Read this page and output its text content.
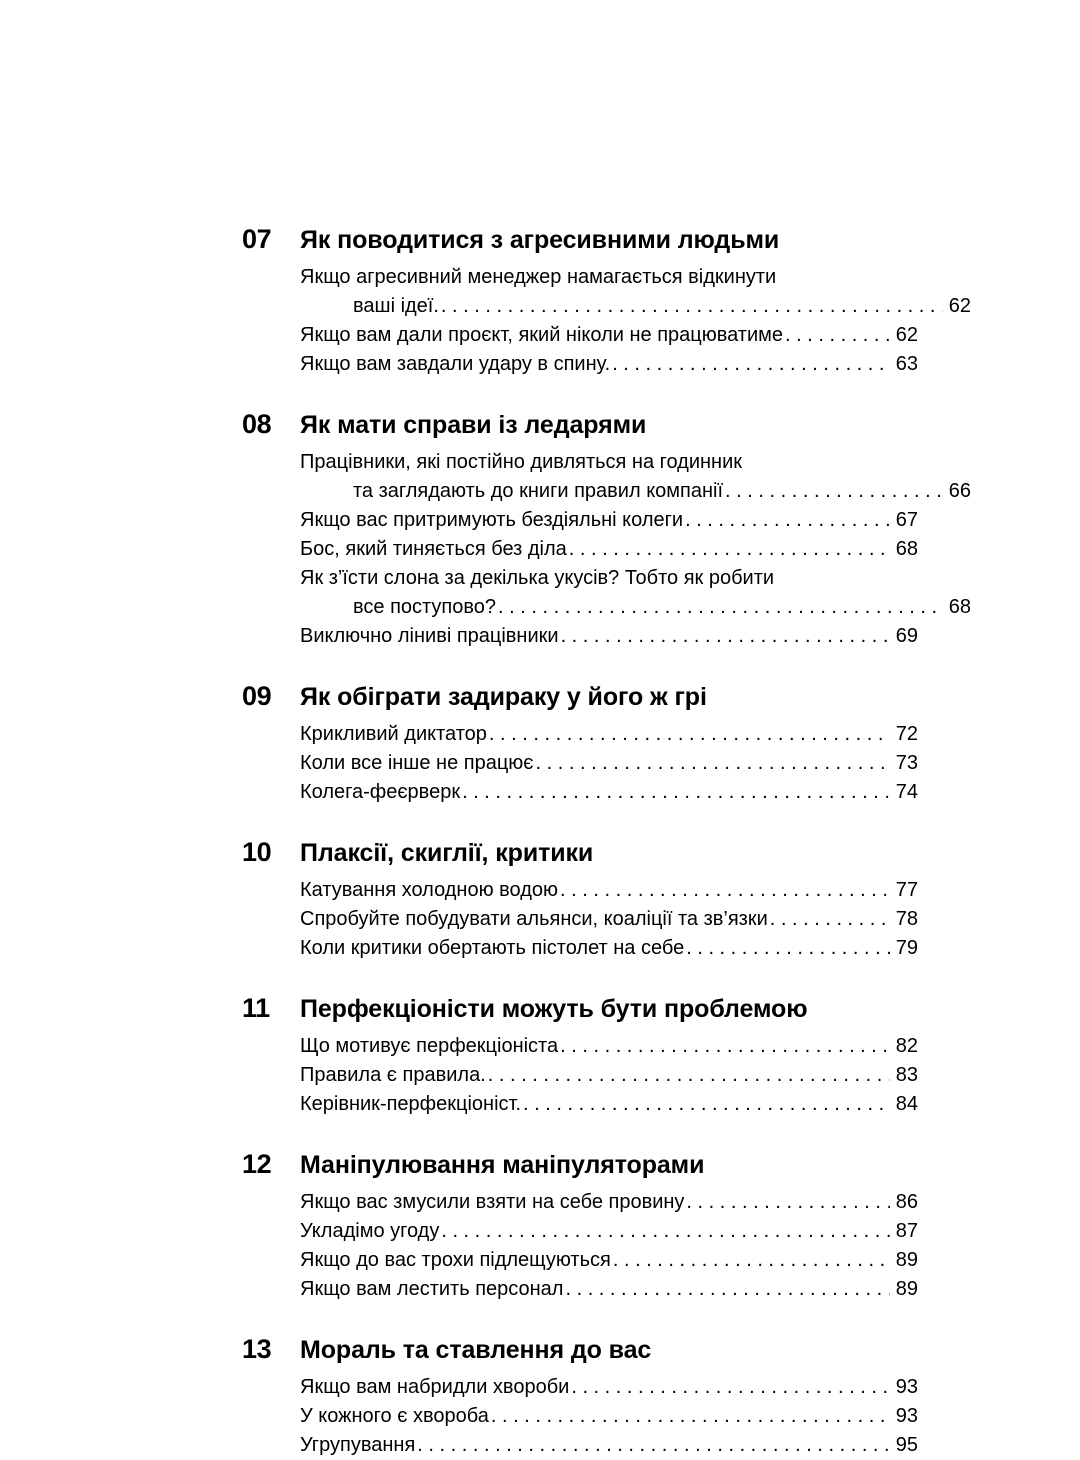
07	Як поводитися з агресивними людьми
Якщо агресивний менеджер намагається відкинути
ваші ідеї. . . .	62
Якщо вам дали проєкт, який ніколи не працюватиме . . .	62
Якщо вам завдали удару в спину. . . .	63
08	Як мати справи із ледарями
Працівники, які постійно дивляться на годинник
та заглядають до книги правил компанії . . .	66
Якщо вас притримують бездіяльні колеги . . .	67
Бос, який тиняється без діла . . .	68
Як з’їсти слона за декілька укусів? Тобто як робити
все поступово? . . .	68
Виключно ліниві працівники . . .	69
09	Як обіграти задираку у його ж грі
Крикливий диктатор . . .	72
Коли все інше не працює . . .	73
Колега-феєрверк . . .	74
10	Плаксії, скиглії, критики
Катування холодною водою . . .	77
Спробуйте побудувати альянси, коаліції та зв’язки . . .	78
Коли критики обертають пістолет на себе . . .	79
11	Перфекціоністи можуть бути проблемою
Що мотивує перфекціоніста . . .	82
Правила є правила. . . .	83
Керівник-перфекціоніст. . . .	84
12	Маніпулювання маніпуляторами
Якщо вас змусили взяти на себе провину . . .	86
Укладімо угоду . . .	87
Якщо до вас трохи підлещуються . . .	89
Якщо вам лестить персонал . . .	89
13	Мораль та ставлення до вас
Якщо вам набридли хвороби . . .	93
У кожного є хвороба . . .	93
Угрупування . . .	95
